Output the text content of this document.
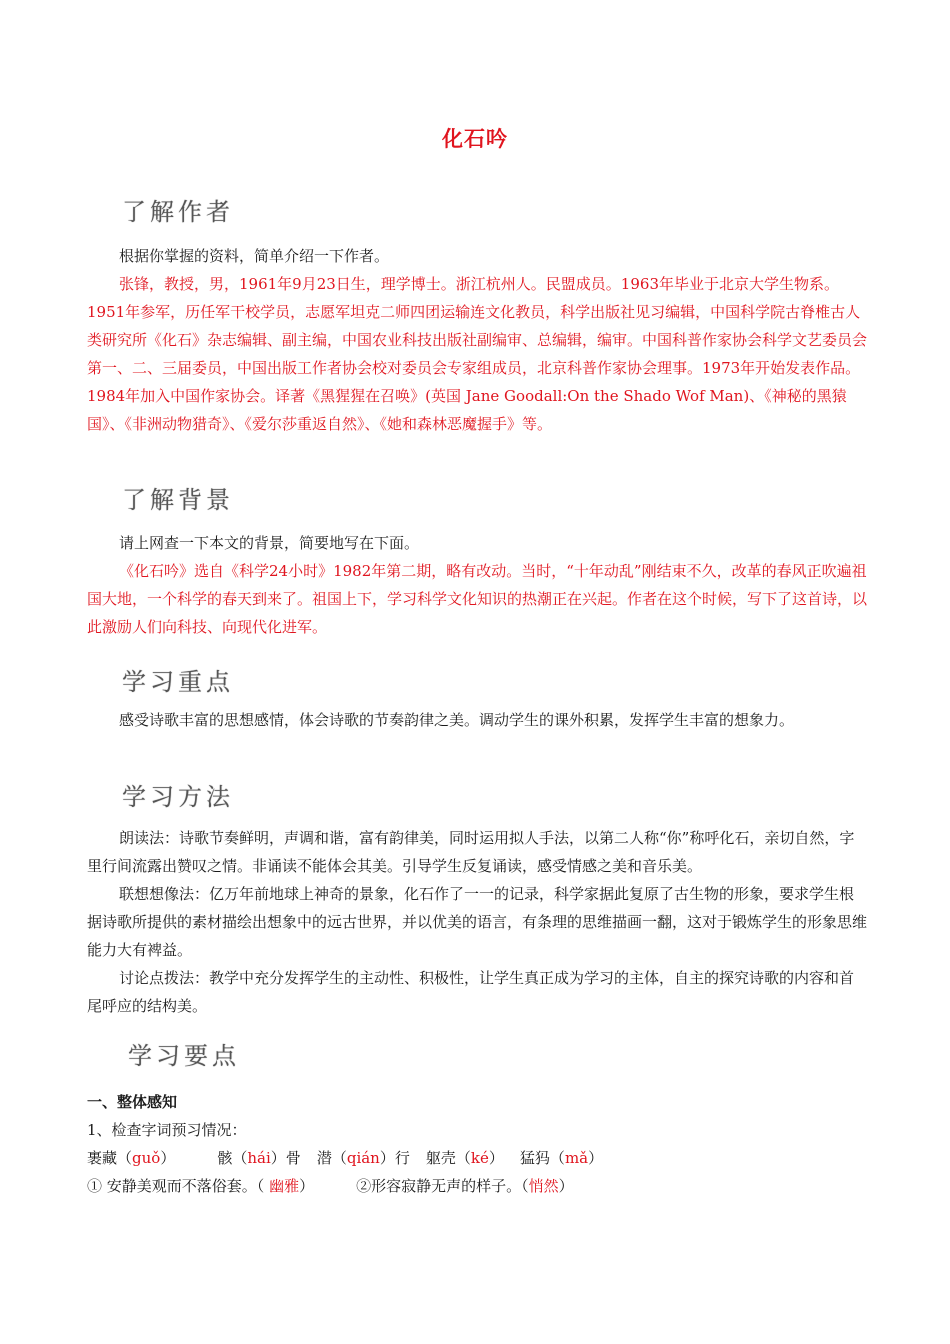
化石吟
了解作者

根据你掌握的资料，简单介绍一下作者。

张锋，教授，男，1961年9月23日生，理学博士。浙江杭州人。民盟成员。1963年毕业于北京大学生物系。1951年参军，历任军干校学员，志愿军坦克二师四团运输连文化教员，科学出版社见习编辑，中国科学院古脊椎古人类研究所《化石》杂志编辑、副主编，中国农业科技出版社副编审、总编辑，编审。中国科普作家协会科学文艺委员会第一、二、三届委员，中国出版工作者协会校对委员会专家组成员，北京科普作家协会理事。1973年开始发表作品。1984年加入中国作家协会。译著《黑猩猩在召唤》(英国 Jane Goodall:On the Shado Wof Man)、《神秘的黑猿国》、《非洲动物猎奇》、《爱尔莎重返自然》、《她和森林恶魔握手》等。

了解背景

请上网查一下本文的背景，简要地写在下面。

《化石吟》选自《科学24小时》1982年第二期，略有改动。当时，“十年动乱”刚结束不久，改革的春风正吹遍祖国大地，一个科学的春天到来了。祖国上下，学习科学文化知识的热潮正在兴起。作者在这个时候，写下了这首诗，以此激励人们向科技、向现代化进军。

学习重点

感受诗歌丰富的思想感情，体会诗歌的节奏韵律之美。调动学生的课外积累，发挥学生丰富的想象力。

学习方法

朗读法：诗歌节奏鲜明，声调和谐，富有韵律美，同时运用拟人手法，以第二人称“你”称呼化石，亲切自然，字里行间流露出赞叹之情。非诵读不能体会其美。引导学生反复诵读，感受情感之美和音乐美。

联想想像法：亿万年前地球上神奇的景象，化石作了一一的记录，科学家据此复原了古生物的形象，要求学生根据诗歌所提供的素材描绘出想象中的远古世界，并以优美的语言，有条理的思维描画一翻，这对于锻炼学生的形象思维能力大有裨益。

讨论点拨法：教学中充分发挥学生的主动性、积极性，让学生真正成为学习的主体，自主的探究诗歌的内容和首尾呼应的结构美。

学习要点
一、整体感知
1、检查字词预习情况：
裹藏（guǒ）	骸（hái）骨 潜（qián）行 躯壳（ké） 猛犸（mǎ）
① 安静美观而不落俗套。（ 幽雅）	②形容寂静无声的样子。（悄然）
